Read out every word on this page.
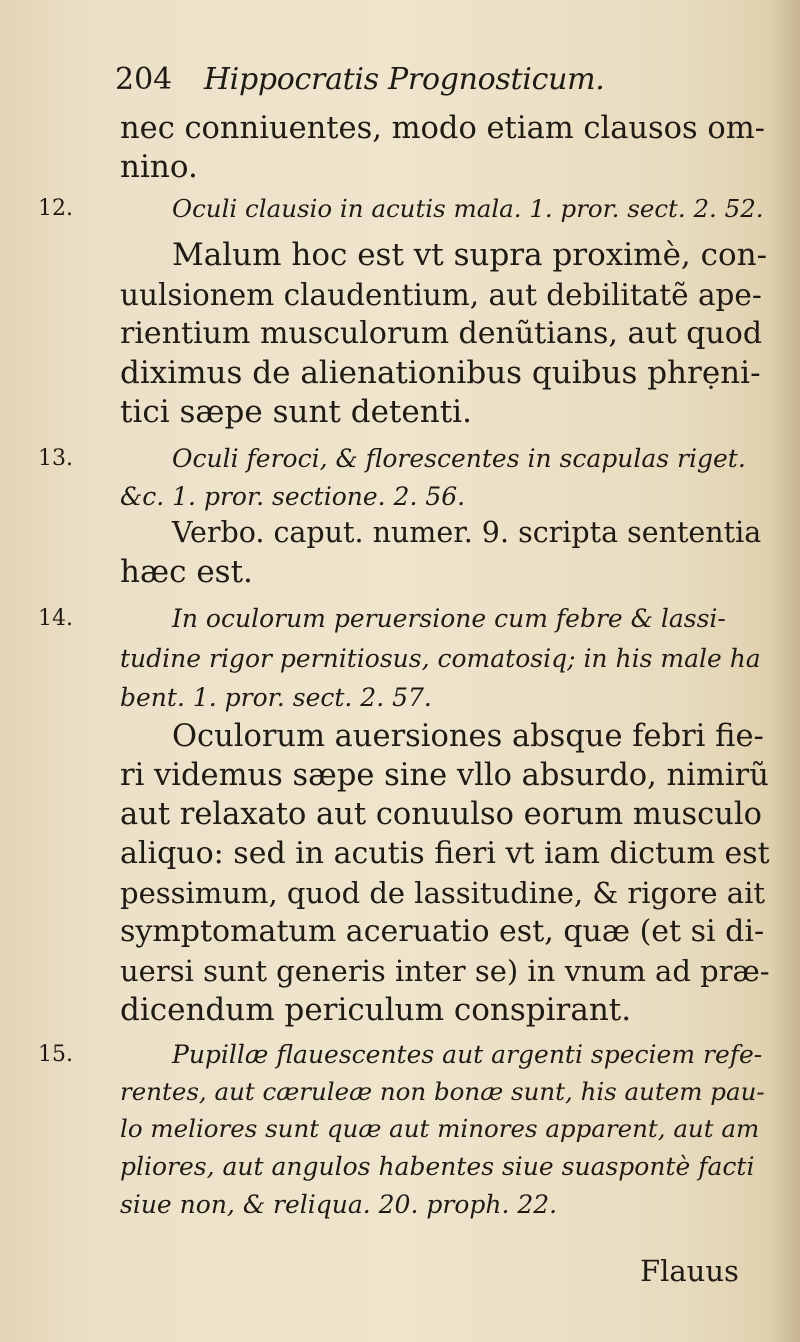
204 Hippocratis Prognosticum.
nec conniuentes, modo etiam clausos om-
nino.
Oculi clausio in acutis mala. 1. pror. sect. 2. 52.
12.
Malum hoc est vt supra proximè, con-
uulsionem claudentium, aut debilitatẽ ape-
rientium musculorum denũtians, aut quod
diximus de alienationibus quibus phrẹni-
tici sæpe sunt detenti.
Oculi feroci, & florescentes in scapulas riget.
13.
&c. 1. pror. sectione. 2. 56.
Verbo. caput. numer. 9. scripta sententia
hæc est.
In oculorum peruersione cum febre & lassi-
14.
tudine rigor pernitiosus, comatosiq; in his male ha
bent. 1. pror. sect. 2. 57.
Oculorum auersiones absque febri fie-
ri videmus sæpe sine vllo absurdo, nimirũ
aut relaxato aut conuulso eorum musculo
aliquo: sed in acutis fieri vt iam dictum est
pessimum, quod de lassitudine, & rigore ait
symptomatum aceruatio est, quæ (et si di-
uersi sunt generis inter se) in vnum ad præ-
dicendum periculum conspirant.
Pupillæ flauescentes aut argenti speciem refe-
15.
rentes, aut cæruleæ non bonæ sunt, his autem pau-
lo meliores sunt quæ aut minores apparent, aut am
pliores, aut angulos habentes siue suaspontè facti
siue non, & reliqua. 20. proph. 22.
Flauus
